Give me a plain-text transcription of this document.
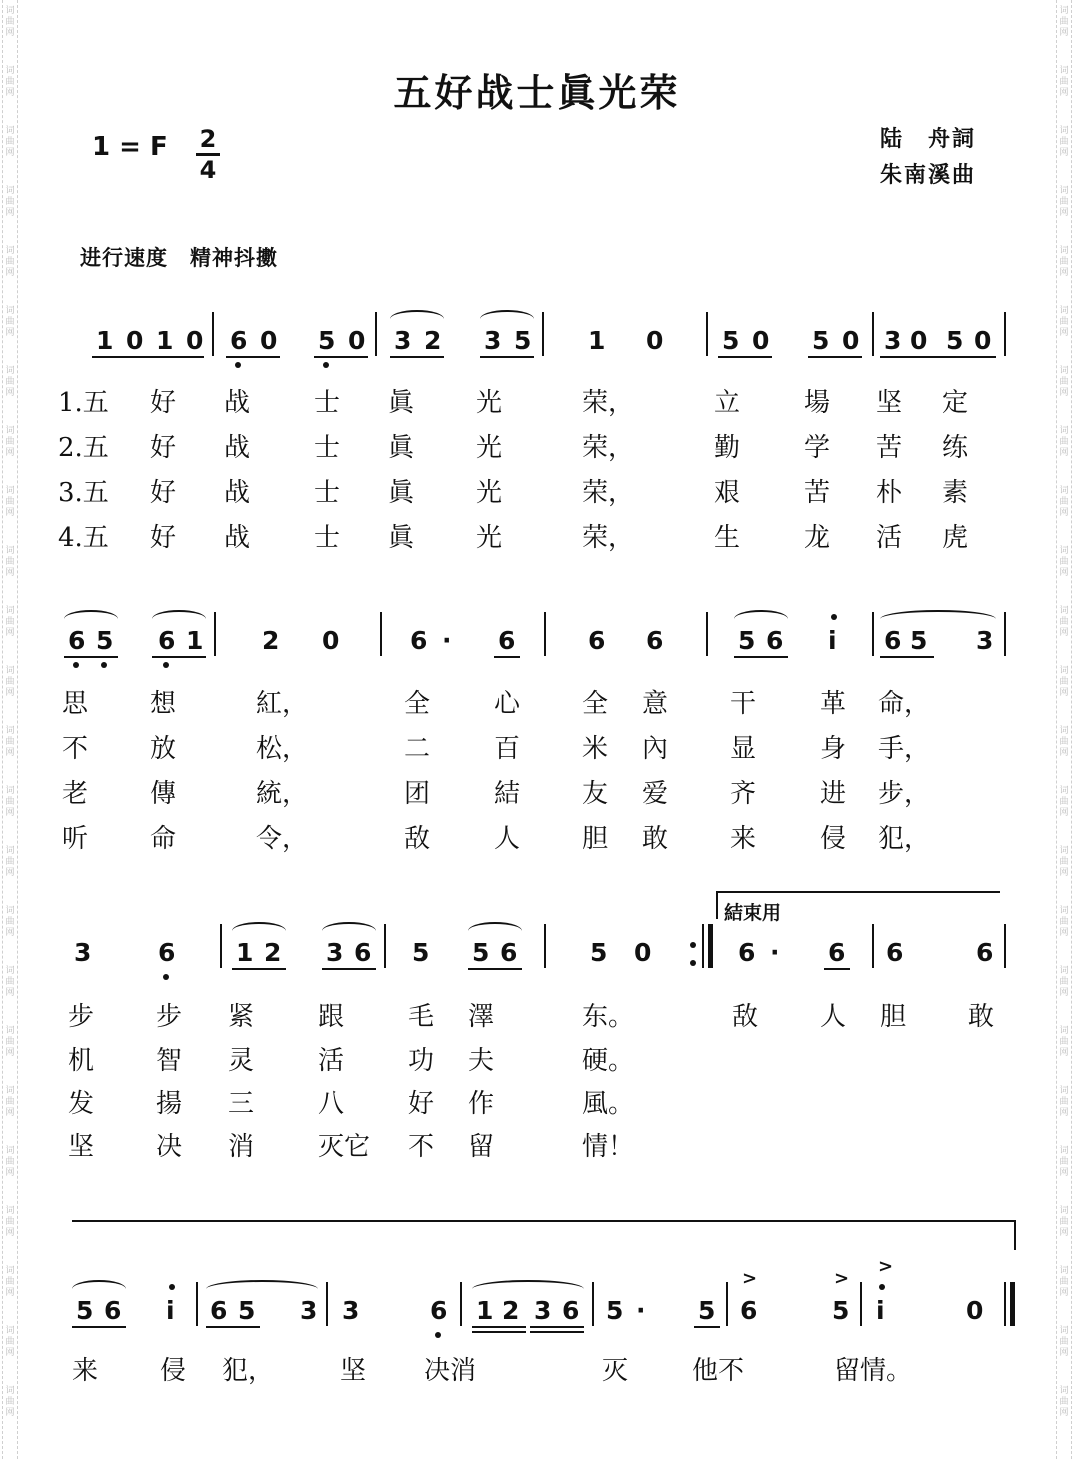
词
曲
网
词
曲
网
词
曲
网
词
曲
网
词
曲
网
词
曲
网
词
曲
网
词
曲
网
词
曲
网
词
曲
网
词
曲
网
词
曲
网
词
曲
网
词
曲
网
词
曲
网
词
曲
网
词
曲
网
词
曲
网
词
曲
网
词
曲
网
词
曲
网
词
曲
网
词
曲
网
词
曲
网
词
曲
网
词
曲
网
词
曲
网
词
曲
网
词
曲
网
词
曲
网
词
曲
网
词
曲
网
词
曲
网
词
曲
网
词
曲
网
词
曲
网
词
曲
网
词
曲
网
词
曲
网
词
曲
网
词
曲
网
词
曲
网
词
曲
网
词
曲
网
词
曲
网
词
曲
网
词
曲
网
词
曲
网
五好战士眞光荣
1 = F 2
4
陆　舟詞
朱南溪曲
进行速度　精神抖擻
1 0 1 0 6 0 5 0 3 2 3 5 1 0 5 0 5 0 3 0 5 0
1.五 好 战 士 眞 光	荣，	立 場 坚 定
2.五 好 战 士 眞 光	荣，	勤 学 苦 练
3.五 好 战 士 眞 光	荣，	艰 苦 朴 素
4.五 好 战 士 眞 光	荣，	生 龙 活 虎
6 5 6 1 2 0	6 · 6	6 6	5 6 i 6 5 3
思 想	紅，	全 心 全 意 干 革 命，
不 放	松，	二 百 米 內 显 身 手，
老 傳	統，	团 結 友 爱 齐 进 步，
听 命	令，	敌 人 胆 敢 来 侵 犯，
結束用
3	6 1 2 3 6 5 5 6	5 0	6 · 6 6	6
步 步 紧 跟 毛 澤	东。	敌 人 胆 敢
机 智 灵 活 功 夫	硬。
发 揚 三 八 好 作	風。
坚 决 消 灭它 不 留	情！
5 6 i 6 5 3 3	6 1 2 3 6 5 · 5 6
>
5
>
i
>
0
来 侵 犯，	坚 决消	灭 他不	留情。
